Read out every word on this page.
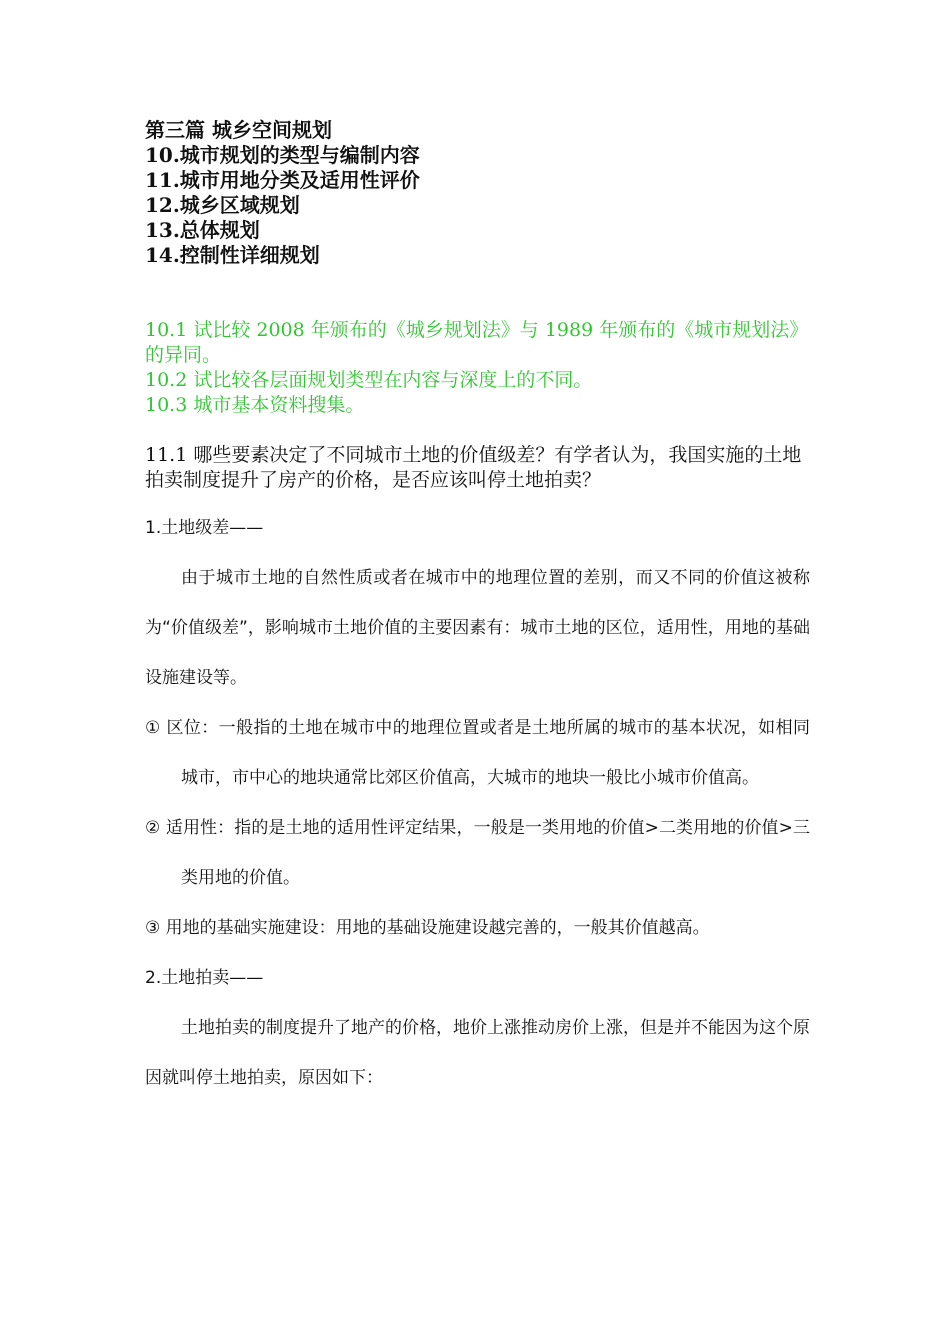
第三篇 城乡空间规划
10.城市规划的类型与编制内容
11.城市用地分类及适用性评价
12.城乡区域规划
13.总体规划
14.控制性详细规划
10.1 试比较 2008 年颁布的《城乡规划法》与 1989 年颁布的《城市规划法》的异同。
10.2 试比较各层面规划类型在内容与深度上的不同。
10.3 城市基本资料搜集。
11.1 哪些要素决定了不同城市土地的价值级差？有学者认为，我国实施的土地拍卖制度提升了房产的价格，是否应该叫停土地拍卖？
1.土地级差——
由于城市土地的自然性质或者在城市中的地理位置的差别，而又不同的价值这被称为“价值级差”，影响城市土地价值的主要因素有：城市土地的区位，适用性，用地的基础设施建设等。
① 区位：一般指的土地在城市中的地理位置或者是土地所属的城市的基本状况，如相同城市，市中心的地块通常比郊区价值高，大城市的地块一般比小城市价值高。
② 适用性：指的是土地的适用性评定结果，一般是一类用地的价值>二类用地的价值>三类用地的价值。
③ 用地的基础实施建设：用地的基础设施建设越完善的，一般其价值越高。
2.土地拍卖——
土地拍卖的制度提升了地产的价格，地价上涨推动房价上涨，但是并不能因为这个原因就叫停土地拍卖，原因如下：
